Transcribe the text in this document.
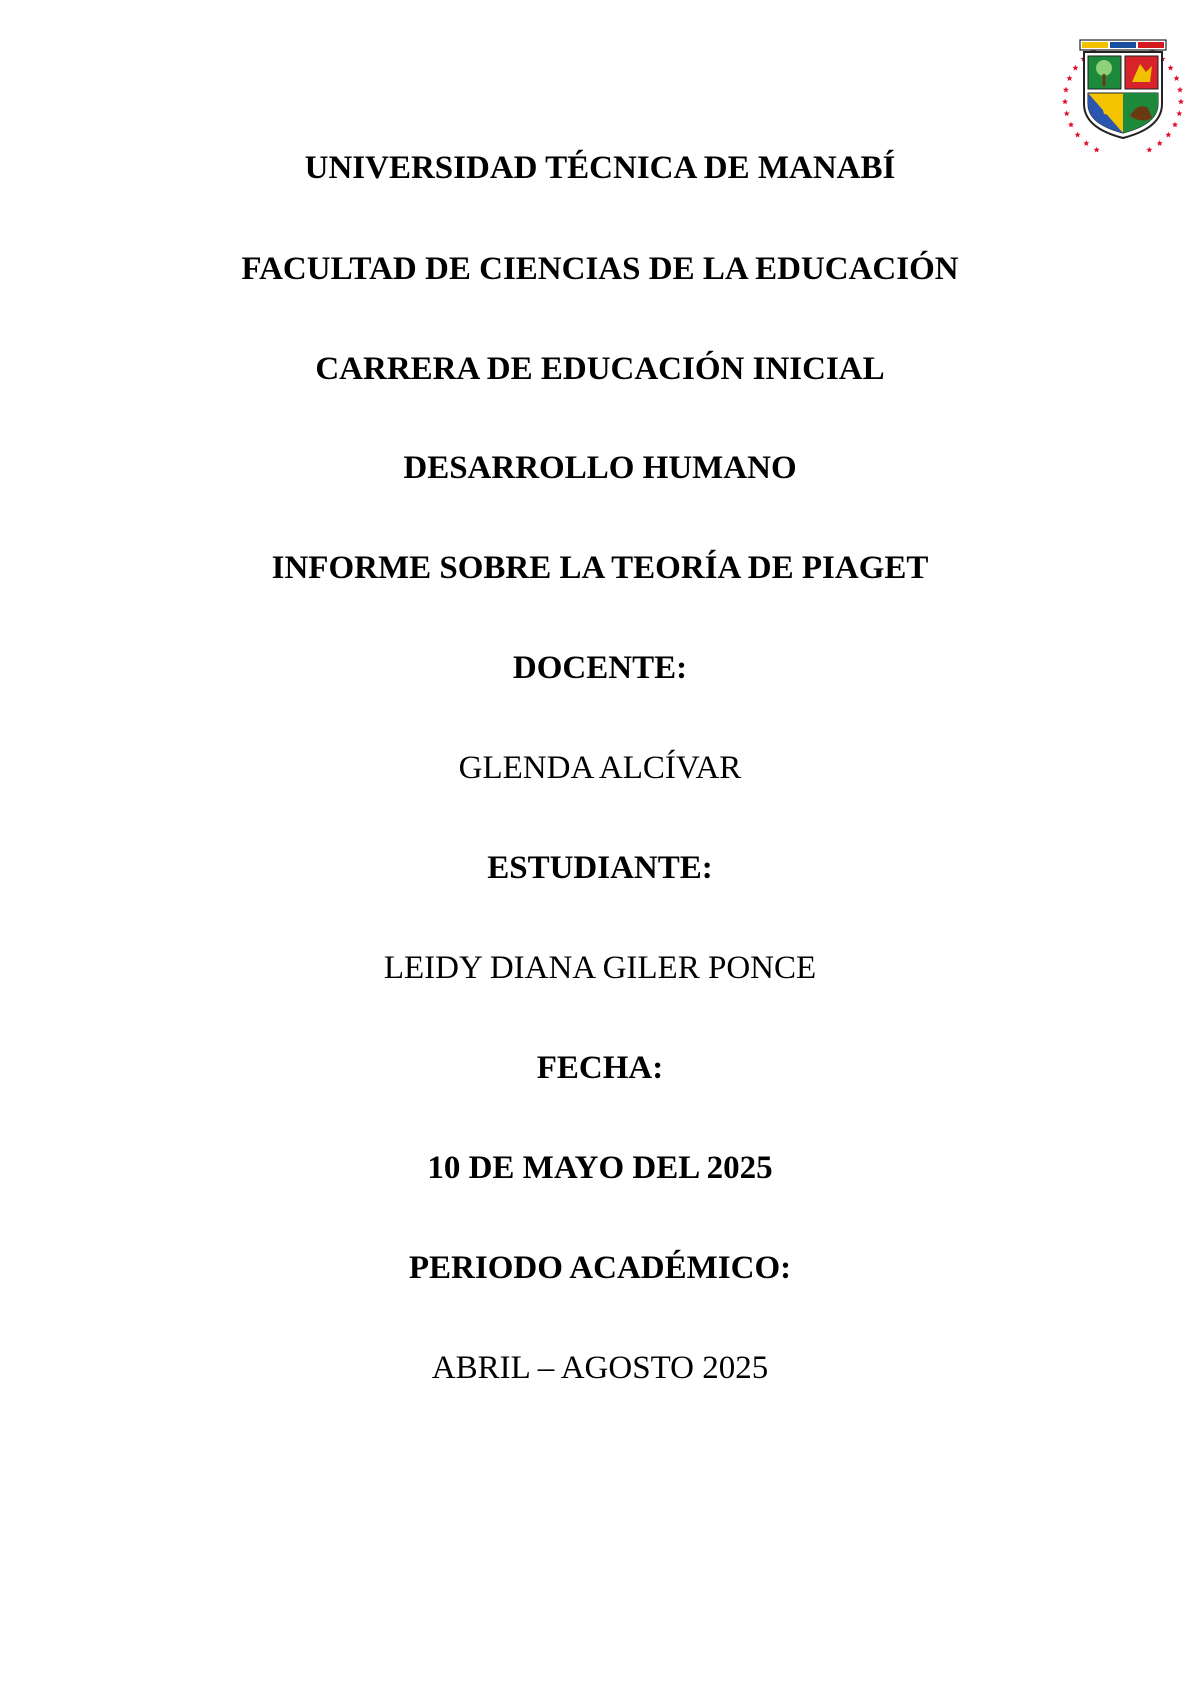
UNIVERSIDAD TÉCNICA DE MANABÍ
FACULTAD DE CIENCIAS DE LA EDUCACIÓN
CARRERA DE EDUCACIÓN INICIAL
DESARROLLO HUMANO
INFORME SOBRE LA TEORÍA DE PIAGET
DOCENTE:
GLENDA ALCÍVAR
ESTUDIANTE:
LEIDY DIANA GILER PONCE
FECHA:
10 DE MAYO DEL 2025
PERIODO ACADÉMICO:
ABRIL – AGOSTO 2025
